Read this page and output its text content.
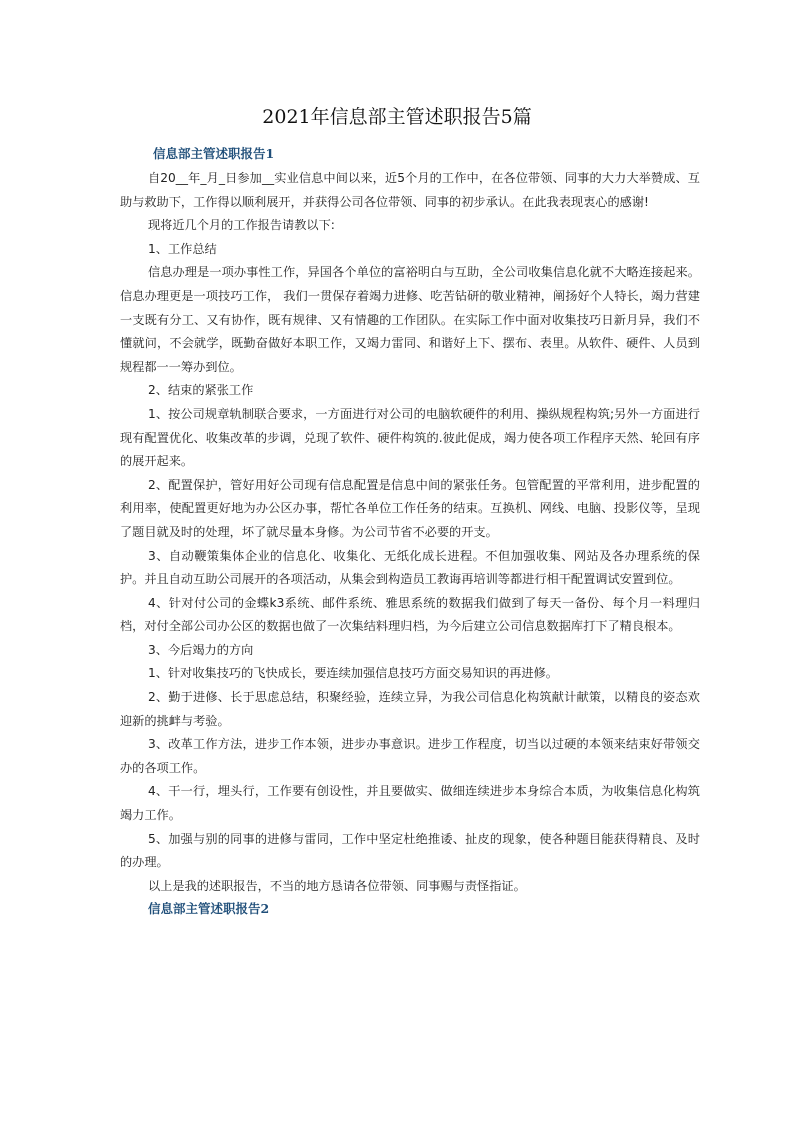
2021年信息部主管述职报告5篇
信息部主管述职报告1

自20__年_月_日参加__实业信息中间以来，近5个月的工作中，在各位带领、同事的大力大举赞成、互助与救助下，工作得以顺利展开，并获得公司各位带领、同事的初步承认。在此我表现衷心的感谢!

现将近几个月的工作报告请教以下:

1、工作总结

信息办理是一项办事性工作，异国各个单位的富裕明白与互助，全公司收集信息化就不大略连接起来。信息办理更是一项技巧工作， 我们一贯保存着竭力进修、吃苦钻研的敬业精神，阐扬好个人特长，竭力营建一支既有分工、又有协作，既有规律、又有情趣的工作团队。在实际工作中面对收集技巧日新月异，我们不懂就问，不会就学，既勤奋做好本职工作，又竭力雷同、和谐好上下、摆布、表里。从软件、硬件、人员到规程都一一筹办到位。

2、结束的紧张工作

1、按公司规章轨制联合要求，一方面进行对公司的电脑软硬件的利用、操纵规程构筑;另外一方面进行现有配置优化、收集改革的步调，兑现了软件、硬件构筑的.彼此促成，竭力使各项工作程序天然、轮回有序的展开起来。

2、配置保护，管好用好公司现有信息配置是信息中间的紧张任务。包管配置的平常利用，进步配置的利用率，使配置更好地为办公区办事，帮忙各单位工作任务的结束。互换机、网线、电脑、投影仪等，呈现了题目就及时的处理，坏了就尽量本身修。为公司节省不必要的开支。

3、自动鞭策集体企业的信息化、收集化、无纸化成长进程。不但加强收集、网站及各办理系统的保护。并且自动互助公司展开的各项活动，从集会到构造员工教诲再培训等都进行相干配置调试安置到位。

4、针对付公司的金蝶k3系统、邮件系统、雅思系统的数据我们做到了每天一备份、每个月一料理归档，对付全部公司办公区的数据也做了一次集结料理归档，为今后建立公司信息数据库打下了精良根本。

3、今后竭力的方向

1、针对收集技巧的飞快成长，要连续加强信息技巧方面交易知识的再进修。

2、勤于进修、长于思虑总结，积聚经验，连续立异，为我公司信息化构筑献计献策，以精良的姿态欢迎新的挑衅与考验。

3、改革工作方法，进步工作本领，进步办事意识。进步工作程度，切当以过硬的本领来结束好带领交办的各项工作。

4、干一行，埋头行，工作要有创设性，并且要做实、做细连续进步本身综合本质，为收集信息化构筑竭力工作。

5、加强与别的同事的进修与雷同，工作中坚定杜绝推诿、扯皮的现象，使各种题目能获得精良、及时的办理。

以上是我的述职报告，不当的地方恳请各位带领、同事赐与责怪指证。

信息部主管述职报告2
